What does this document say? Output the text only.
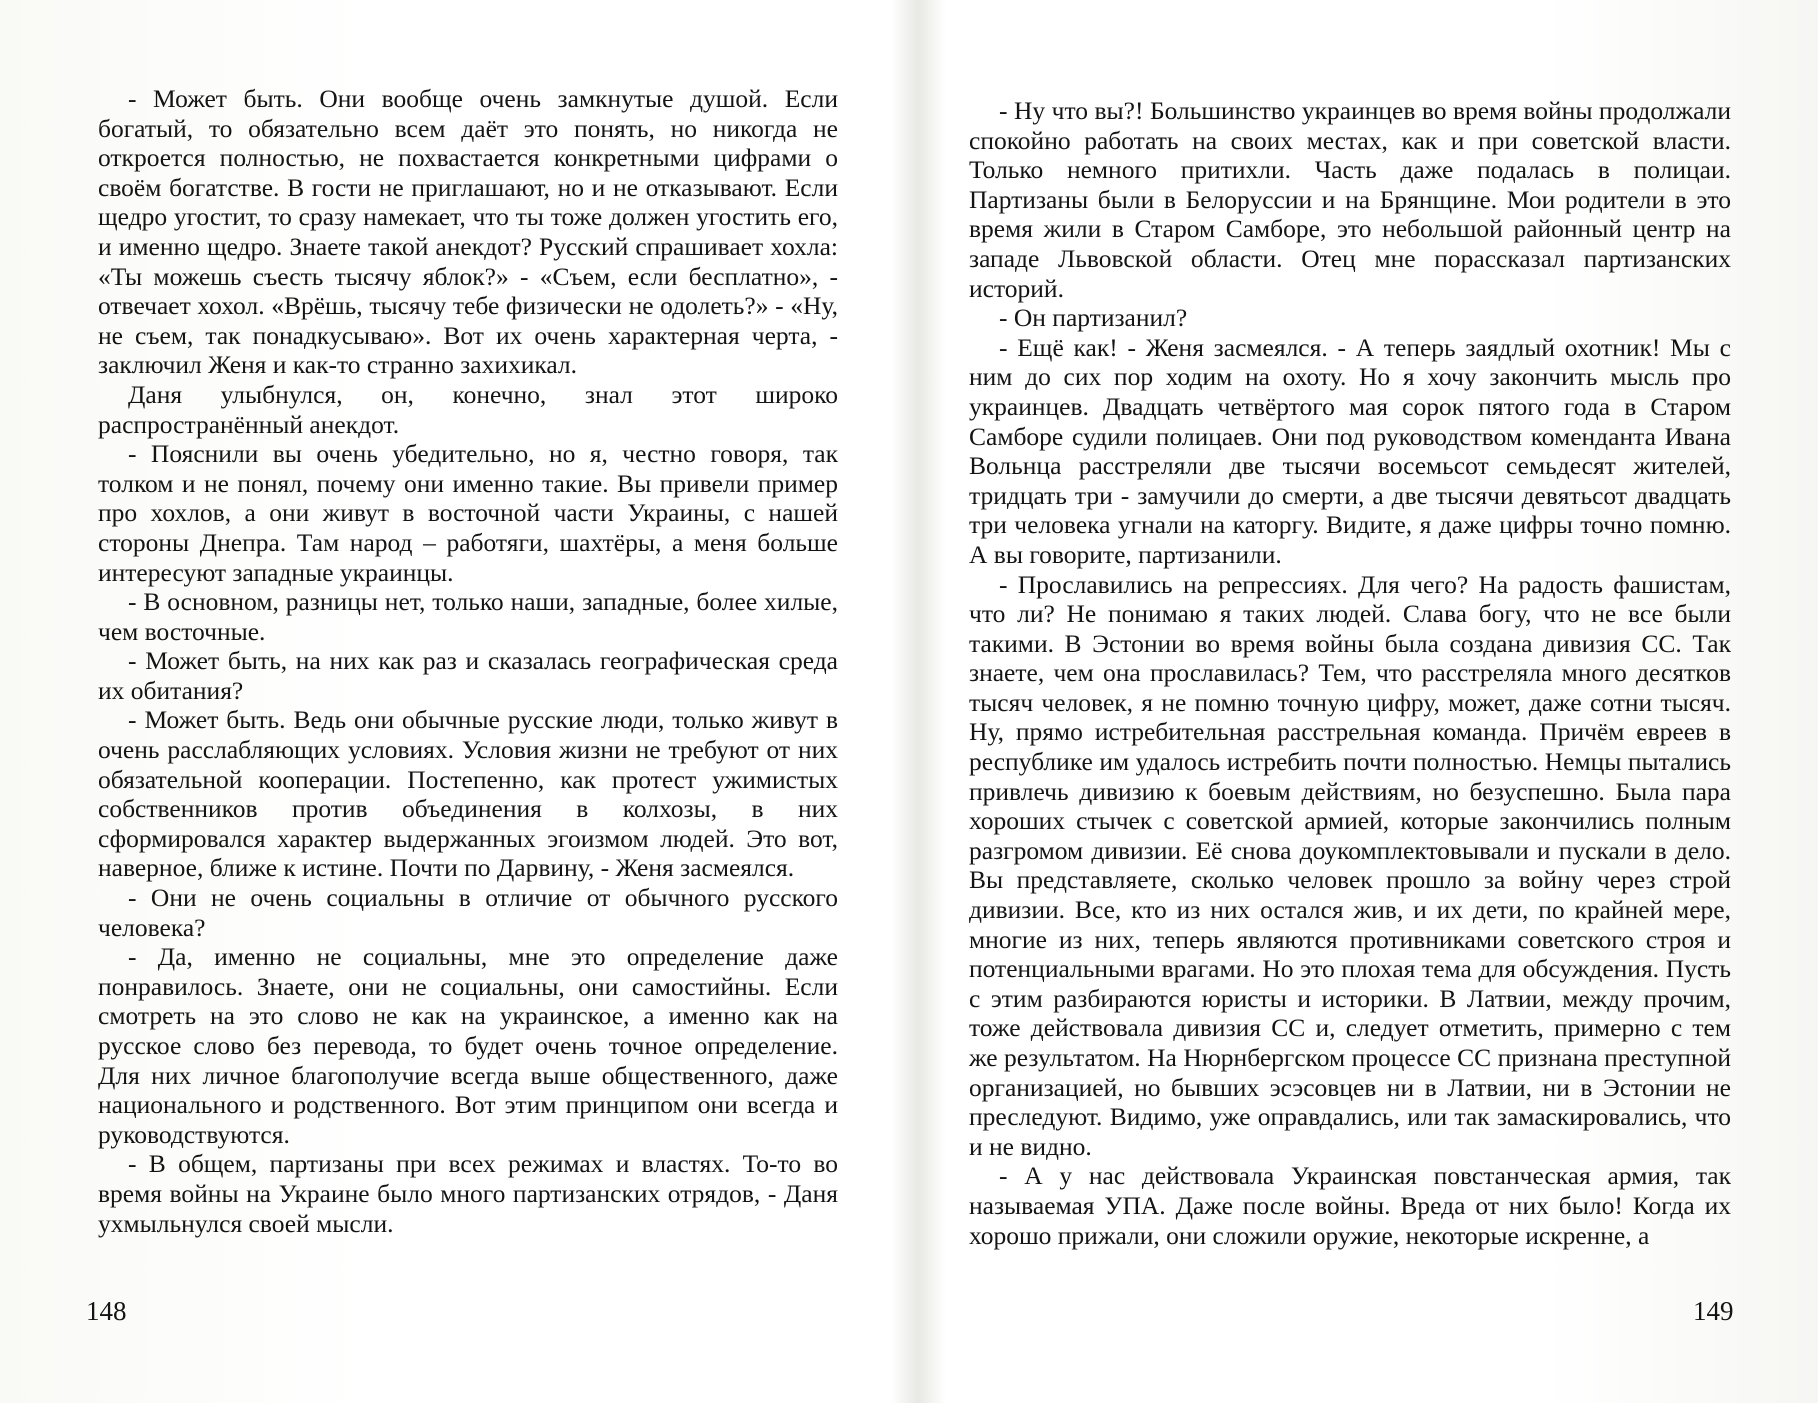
- Может быть. Они вообще очень замкнутые душой. Если богатый, то обязательно всем даёт это понять, но никогда не откроется полностью, не похвастается конкретными цифрами о своём богатстве. В гости не приглашают, но и не отказывают. Если щедро угостит, то сразу намекает, что ты тоже должен угостить его, и именно щедро. Знаете такой анекдот? Русский спрашивает хохла: «Ты можешь съесть тысячу яблок?» - «Съем, если бесплатно», - отвечает хохол. «Врёшь, тысячу тебе физически не одолеть?» - «Ну, не съем, так понадкусываю». Вот их очень характерная черта, - заключил Женя и как-то странно захихикал.

Даня улыбнулся, он, конечно, знал этот широко распространённый анекдот.

- Пояснили вы очень убедительно, но я, честно говоря, так толком и не понял, почему они именно такие. Вы привели пример про хохлов, а они живут в восточной части Украины, с нашей стороны Днепра. Там народ – работяги, шахтёры, а меня больше интересуют западные украинцы.

- В основном, разницы нет, только наши, западные, более хилые, чем восточные.

- Может быть, на них как раз и сказалась географическая среда их обитания?

- Может быть. Ведь они обычные русские люди, только живут в очень расслабляющих условиях. Условия жизни не требуют от них обязательной кооперации. Постепенно, как протест ужимистых собственников против объединения в колхозы, в них сформировался характер выдержанных эгоизмом людей. Это вот, наверное, ближе к истине. Почти по Дарвину, - Женя засмеялся.

- Они не очень социальны в отличие от обычного русского человека?

- Да, именно не социальны, мне это определение даже понравилось. Знаете, они не социальны, они самостийны. Если смотреть на это слово не как на украинское, а именно как на русское слово без перевода, то будет очень точное определение. Для них личное благополучие всегда выше общественного, даже национального и родственного. Вот этим принципом они всегда и руководствуются.

- В общем, партизаны при всех режимах и властях. То-то во время войны на Украине было много партизанских отрядов, - Даня ухмыльнулся своей мысли.

148

- Ну что вы?! Большинство украинцев во время войны продолжали спокойно работать на своих местах, как и при советской власти. Только немного притихли. Часть даже подалась в полицаи. Партизаны были в Белоруссии и на Брянщине. Мои родители в это время жили в Старом Самборе, это небольшой районный центр на западе Львовской области. Отец мне порассказал партизанских историй.

- Он партизанил?

- Ещё как! - Женя засмеялся. - А теперь заядлый охотник! Мы с ним до сих пор ходим на охоту. Но я хочу закончить мысль про украинцев. Двадцать четвёртого мая сорок пятого года в Старом Самборе судили полицаев. Они под руководством коменданта Ивана Вольнца расстреляли две тысячи восемьсот семьдесят жителей, тридцать три - замучили до смерти, а две тысячи девятьсот двадцать три человека угнали на каторгу. Видите, я даже цифры точно помню. А вы говорите, партизанили.

- Прославились на репрессиях. Для чего? На радость фашистам, что ли? Не понимаю я таких людей. Слава богу, что не все были такими. В Эстонии во время войны была создана дивизия СС. Так знаете, чем она прославилась? Тем, что расстреляла много десятков тысяч человек, я не помню точную цифру, может, даже сотни тысяч. Ну, прямо истребительная расстрельная команда. Причём евреев в республике им удалось истребить почти полностью. Немцы пытались привлечь дивизию к боевым действиям, но безуспешно. Была пара хороших стычек с советской армией, которые закончились полным разгромом дивизии. Её снова доукомплектовывали и пускали в дело. Вы представляете, сколько человек прошло за войну через строй дивизии. Все, кто из них остался жив, и их дети, по крайней мере, многие из них, теперь являются противниками советского строя и потенциальными врагами. Но это плохая тема для обсуждения. Пусть с этим разбираются юристы и историки. В Латвии, между прочим, тоже действовала дивизия СС и, следует отметить, примерно с тем же результатом. На Нюрнбергском процессе СС признана преступной организацией, но бывших эсэсовцев ни в Латвии, ни в Эстонии не преследуют. Видимо, уже оправдались, или так замаскировались, что и не видно.

- А у нас действовала Украинская повстанческая армия, так называемая УПА. Даже после войны. Вреда от них было! Когда их хорошо прижали, они сложили оружие, некоторые искренне, а

149
